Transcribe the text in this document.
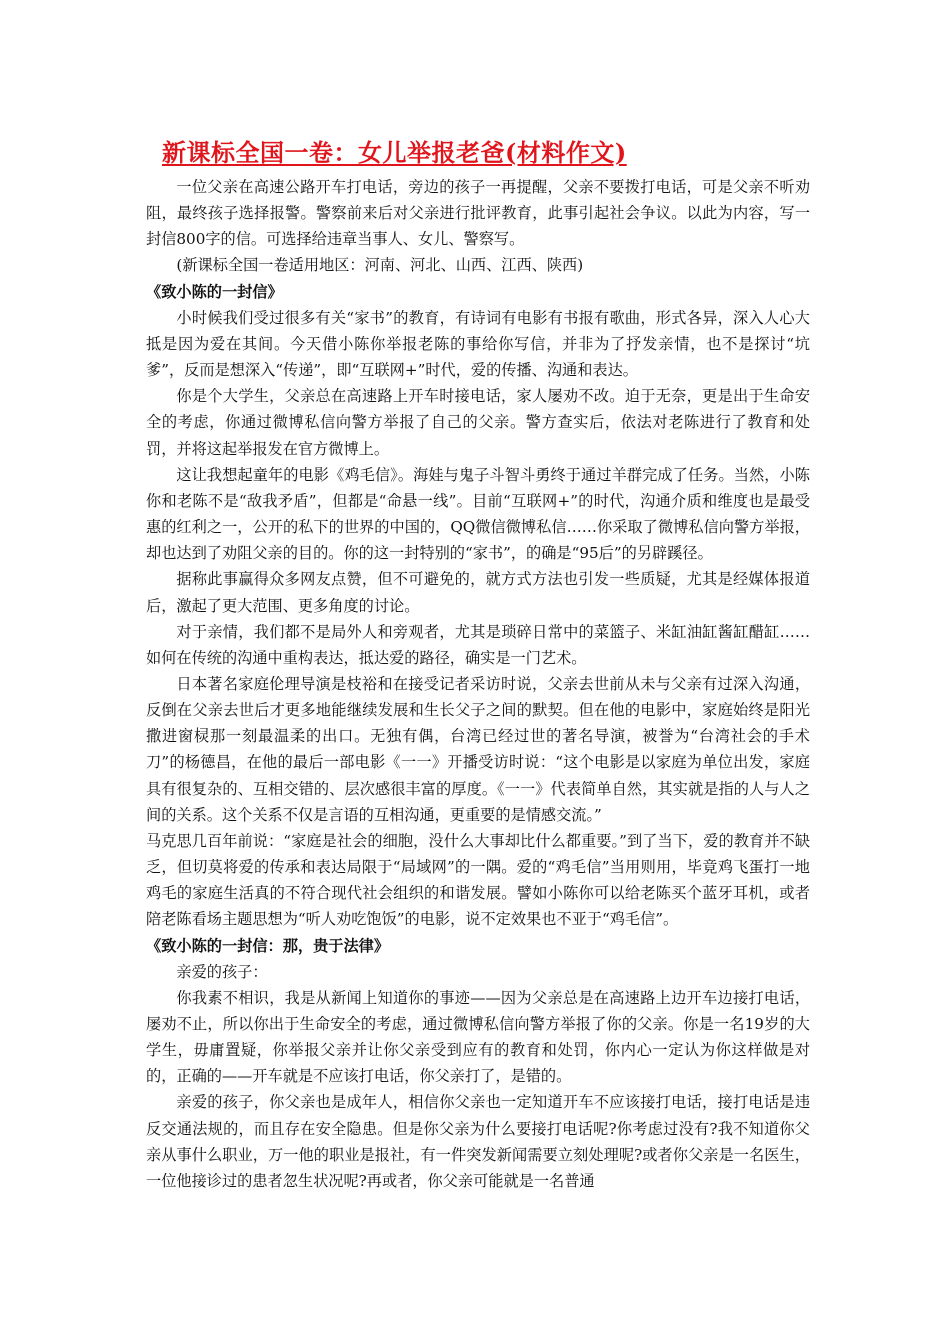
新课标全国一卷：女儿举报老爸(材料作文)

一位父亲在高速公路开车打电话，旁边的孩子一再提醒，父亲不要拨打电话，可是父亲不听劝阻，最终孩子选择报警。警察前来后对父亲进行批评教育，此事引起社会争议。以此为内容，写一封信800字的信。可选择给违章当事人、女儿、警察写。

(新课标全国一卷适用地区：河南、河北、山西、江西、陕西)

《致小陈的一封信》

小时候我们受过很多有关“家书”的教育，有诗词有电影有书报有歌曲，形式各异，深入人心大抵是因为爱在其间。今天借小陈你举报老陈的事给你写信，并非为了抒发亲情，也不是探讨“坑爹”，反而是想深入“传递”，即“互联网+”时代，爱的传播、沟通和表达。

你是个大学生，父亲总在高速路上开车时接电话，家人屡劝不改。迫于无奈，更是出于生命安全的考虑，你通过微博私信向警方举报了自己的父亲。警方查实后，依法对老陈进行了教育和处罚，并将这起举报发在官方微博上。

这让我想起童年的电影《鸡毛信》。海娃与鬼子斗智斗勇终于通过羊群完成了任务。当然，小陈你和老陈不是“敌我矛盾”，但都是“命悬一线”。目前“互联网+”的时代，沟通介质和维度也是最受惠的红利之一，公开的私下的世界的中国的，QQ微信微博私信……你采取了微博私信向警方举报，却也达到了劝阻父亲的目的。你的这一封特别的“家书”，的确是“95后”的另辟蹊径。

据称此事赢得众多网友点赞，但不可避免的，就方式方法也引发一些质疑，尤其是经媒体报道后，激起了更大范围、更多角度的讨论。

对于亲情，我们都不是局外人和旁观者，尤其是琐碎日常中的菜篮子、米缸油缸酱缸醋缸……如何在传统的沟通中重构表达，抵达爱的路径，确实是一门艺术。

日本著名家庭伦理导演是枝裕和在接受记者采访时说，父亲去世前从未与父亲有过深入沟通，反倒在父亲去世后才更多地能继续发展和生长父子之间的默契。但在他的电影中，家庭始终是阳光撒进窗棂那一刻最温柔的出口。无独有偶，台湾已经过世的著名导演，被誉为“台湾社会的手术刀”的杨德昌，在他的最后一部电影《一一》开播受访时说：“这个电影是以家庭为单位出发，家庭具有很复杂的、互相交错的、层次感很丰富的厚度。《一一》代表简单自然，其实就是指的人与人之间的关系。这个关系不仅是言语的互相沟通，更重要的是情感交流。”

马克思几百年前说：“家庭是社会的细胞，没什么大事却比什么都重要。”到了当下，爱的教育并不缺乏，但切莫将爱的传承和表达局限于“局域网”的一隅。爱的“鸡毛信”当用则用，毕竟鸡飞蛋打一地鸡毛的家庭生活真的不符合现代社会组织的和谐发展。譬如小陈你可以给老陈买个蓝牙耳机，或者陪老陈看场主题思想为“听人劝吃饱饭”的电影，说不定效果也不亚于“鸡毛信”。

《致小陈的一封信：那，贵于法律》

亲爱的孩子：

你我素不相识，我是从新闻上知道你的事迹——因为父亲总是在高速路上边开车边接打电话，屡劝不止，所以你出于生命安全的考虑，通过微博私信向警方举报了你的父亲。你是一名19岁的大学生，毋庸置疑，你举报父亲并让你父亲受到应有的教育和处罚，你内心一定认为你这样做是对的，正确的——开车就是不应该打电话，你父亲打了，是错的。

亲爱的孩子，你父亲也是成年人，相信你父亲也一定知道开车不应该接打电话，接打电话是违反交通法规的，而且存在安全隐患。但是你父亲为什么要接打电话呢?你考虑过没有?我不知道你父亲从事什么职业，万一他的职业是报社，有一件突发新闻需要立刻处理呢?或者你父亲是一名医生，一位他接诊过的患者忽生状况呢?再或者，你父亲可能就是一名普通
